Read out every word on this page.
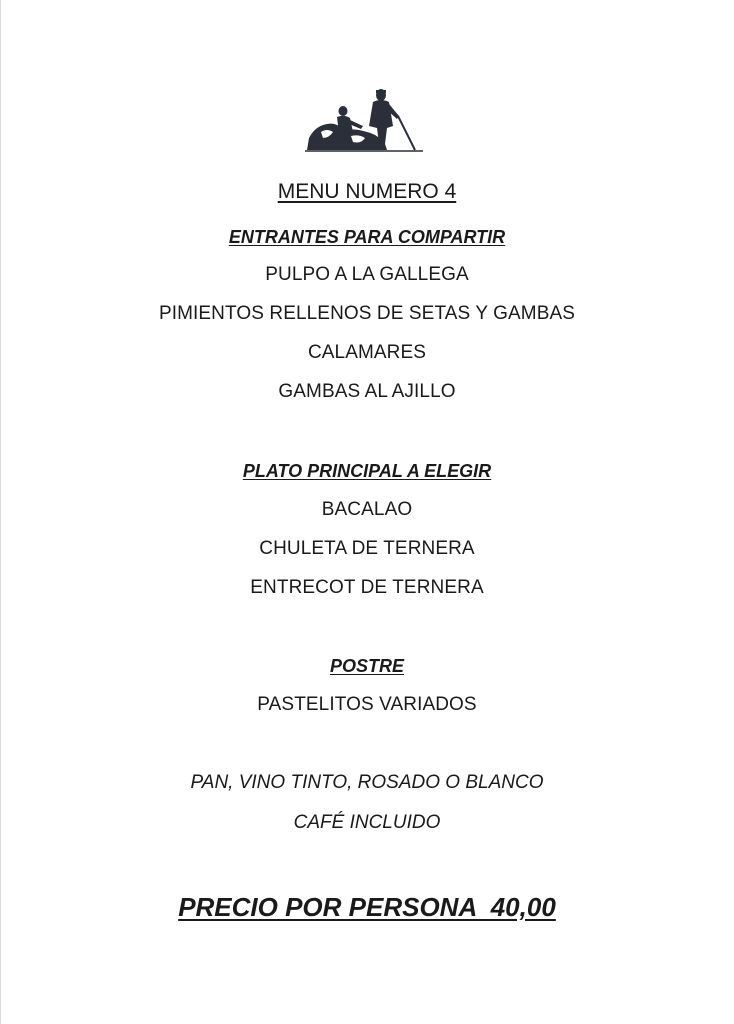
MENU NUMERO 4
ENTRANTES PARA COMPARTIR
PULPO A LA GALLEGA
PIMIENTOS RELLENOS DE SETAS Y GAMBAS
CALAMARES
GAMBAS AL AJILLO
PLATO PRINCIPAL A ELEGIR
BACALAO
CHULETA DE TERNERA
ENTRECOT DE TERNERA
POSTRE
PASTELITOS VARIADOS
PAN, VINO TINTO, ROSADO O BLANCO
CAFÉ INCLUIDO
PRECIO POR PERSONA  40,00
